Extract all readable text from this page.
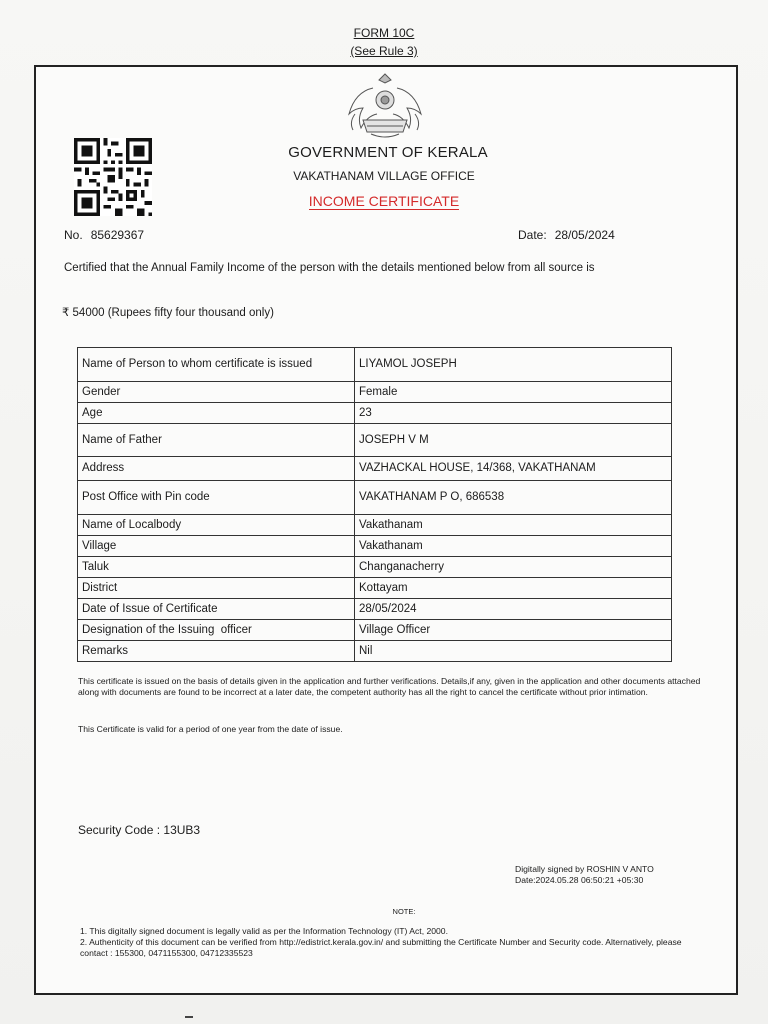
FORM 10C
(See Rule 3)
GOVERNMENT OF KERALA
VAKATHANAM VILLAGE OFFICE
INCOME CERTIFICATE
No. 85629367	Date: 28/05/2024
Certified that the Annual Family Income of the person with the details mentioned below from all source is
₹ 54000 (Rupees fifty four thousand only)
Name of Person to whom certificate is issued	LIYAMOL JOSEPH
Gender	Female
Age	23
Name of Father	JOSEPH V M
Address	VAZHACKAL HOUSE, 14/368, VAKATHANAM
Post Office with Pin code	VAKATHANAM P O, 686538
Name of Localbody	Vakathanam
Village	Vakathanam
Taluk	Changanacherry
District	Kottayam
Date of Issue of Certificate	28/05/2024
Designation of the Issuing  officer	Village Officer
Remarks	Nil
This certificate is issued on the basis of details given in the application and further verifications. Details,if any, given in the application and other documents attached along with documents are found to be incorrect at a later date, the competent authority has all the right to cancel the certificate without prior intimation.
This Certificate is valid for a period of one year from the date of issue.
Security Code : 13UB3
Digitally signed by ROSHIN V ANTO
Date:2024.05.28 06:50:21 +05:30
NOTE:
1. This digitally signed document is legally valid as per the Information Technology (IT) Act, 2000.
2. Authenticity of this document can be verified from http://edistrict.kerala.gov.in/ and submitting the Certificate Number and Security code. Alternatively, please contact : 155300, 0471155300, 04712335523
